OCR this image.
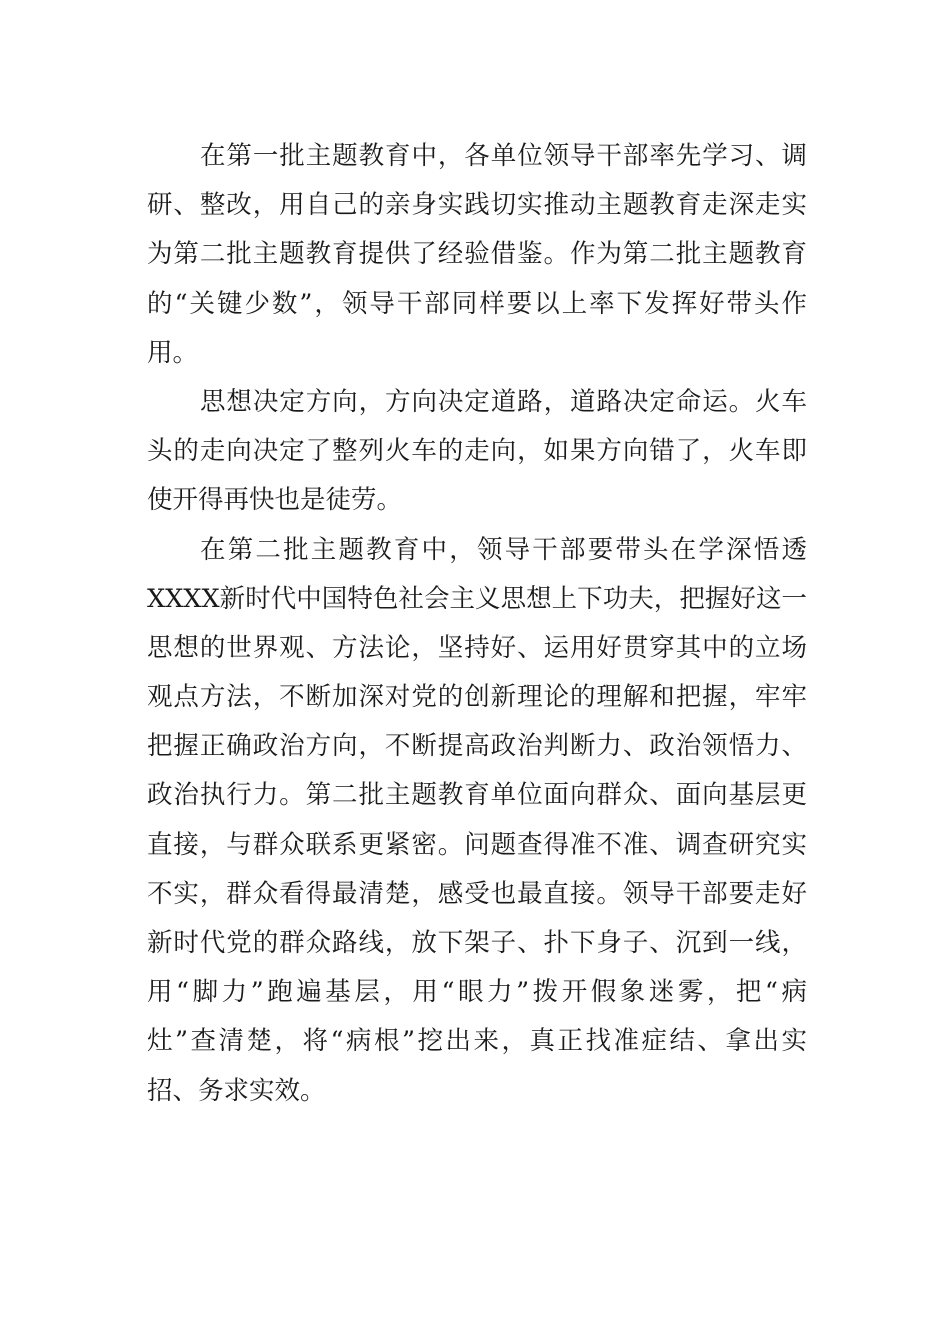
在第一批主题教育中，各单位领导干部率先学习、调
研、整改，用自己的亲身实践切实推动主题教育走深走实
为第二批主题教育提供了经验借鉴。作为第二批主题教育
的“关键少数”，领导干部同样要以上率下发挥好带头作
用。
思想决定方向，方向决定道路，道路决定命运。火车
头的走向决定了整列火车的走向，如果方向错了，火车即
使开得再快也是徒劳。
在第二批主题教育中，领导干部要带头在学深悟透
XXXX新时代中国特色社会主义思想上下功夫，把握好这一
思想的世界观、方法论，坚持好、运用好贯穿其中的立场
观点方法，不断加深对党的创新理论的理解和把握，牢牢
把握正确政治方向，不断提高政治判断力、政治领悟力、
政治执行力。第二批主题教育单位面向群众、面向基层更
直接，与群众联系更紧密。问题查得准不准、调查研究实
不实，群众看得最清楚，感受也最直接。领导干部要走好
新时代党的群众路线，放下架子、扑下身子、沉到一线，
用“脚力”跑遍基层，用“眼力”拨开假象迷雾，把“病
灶”查清楚，将“病根”挖出来，真正找准症结、拿出实
招、务求实效。
